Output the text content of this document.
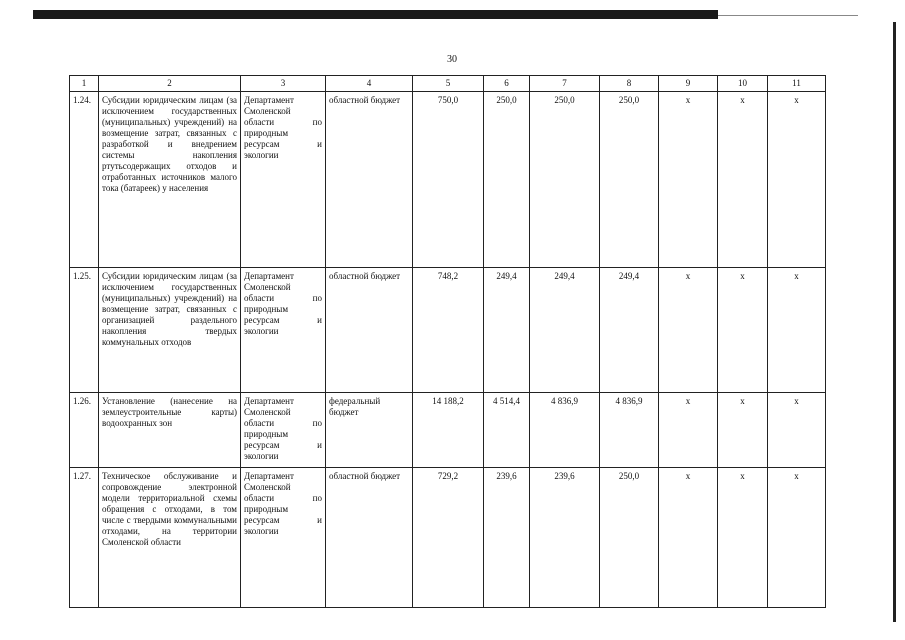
30
1	2	3	4	5	6	7	8	9	10	11
1.24.	Субсидии юридическим лицам (за исключением государственных (муниципальных) учреждений) на возмещение затрат, связанных с разработкой и внедрением системы накопления ртутьсодержащих отходов и отработанных источников малого тока (батареек) у населения	Департамент Смоленской области по природным ресурсам и экологии	областной бюджет	750,0	250,0	250,0	250,0	x	x	x
1.25.	Субсидии юридическим лицам (за исключением государственных (муниципальных) учреждений) на возмещение затрат, связанных с организацией раздельного накопления твердых коммунальных отходов	Департамент Смоленской области по природным ресурсам и экологии	областной бюджет	748,2	249,4	249,4	249,4	x	x	x
1.26.	Установление (нанесение на землеустроительные карты) водоохранных зон	Департамент Смоленской области по природным ресурсам и экологии	федеральный бюджет	14 188,2	4 514,4	4 836,9	4 836,9	x	x	x
1.27.	Техническое обслуживание и сопровождение электронной модели территориальной схемы обращения с отходами, в том числе с твердыми коммунальными отходами, на территории Смоленской области	Департамент Смоленской области по природным ресурсам и экологии	областной бюджет	729,2	239,6	239,6	250,0	x	x	x
